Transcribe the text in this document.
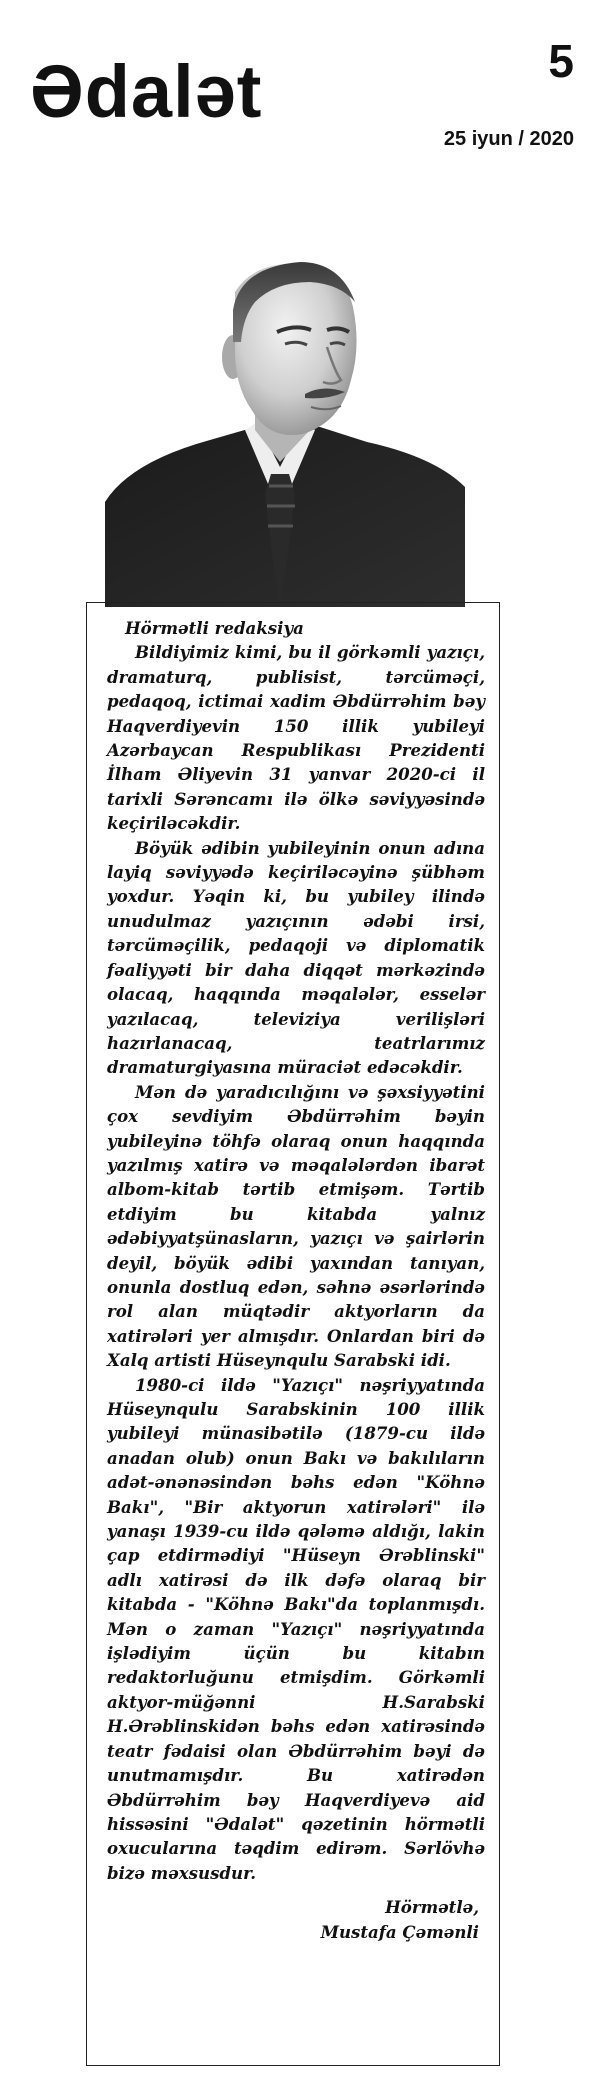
Ədalət	5
25 iyun / 2020

Hörmətli redaksiya

Bildiyimiz kimi, bu il görkəmli yazıçı, dramaturq, publisist, tərcüməçi, pedaqoq, ictimai xadim Əbdürrəhim bəy Haqverdiyevin 150 illik yubileyi Azərbaycan Respublikası Prezidenti İlham Əliyevin 31 yanvar 2020-ci il tarixli Sərəncamı ilə ölkə səviyyəsində keçiriləcəkdir.

Böyük ədibin yubileyinin onun adına layiq səviyyədə keçiriləcəyinə şübhəm yoxdur. Yəqin ki, bu yubiley ilində unudulmaz yazıçının ədəbi irsi, tərcüməçilik, pedaqoji və diplomatik fəaliyyəti bir daha diqqət mərkəzində olacaq, haqqında məqalələr, esselər yazılacaq, televiziya verilişləri hazırlanacaq, teatrlarımız dramaturgiyasına müraciət edəcəkdir.

Mən də yaradıcılığını və şəxsiyyətini çox sevdiyim Əbdürrəhim bəyin yubileyinə töhfə olaraq onun haqqında yazılmış xatirə və məqalələrdən ibarət albom-kitab tərtib etmişəm. Tərtib etdiyim bu kitabda yalnız ədəbiyyatşünasların, yazıçı və şairlərin deyil, böyük ədibi yaxından tanıyan, onunla dostluq edən, səhnə əsərlərində rol alan müqtədir aktyorların da xatirələri yer almışdır. Onlardan biri də Xalq artisti Hüseynqulu Sarabski idi.

1980-ci ildə "Yazıçı" nəşriyyatında Hüseynqulu Sarabskinin 100 illik yubileyi münasibətilə (1879-cu ildə anadan olub) onun Bakı və bakılıların adət-ənənəsindən bəhs edən "Köhnə Bakı", "Bir aktyorun xatirələri" ilə yanaşı 1939-cu ildə qələmə aldığı, lakin çap etdirmədiyi "Hüseyn Ərəblinski" adlı xatirəsi də ilk dəfə olaraq bir kitabda - "Köhnə Bakı"da toplanmışdı. Mən o zaman "Yazıçı" nəşriyyatında işlədiyim üçün bu kitabın redaktorluğunu etmişdim. Görkəmli aktyor-müğənni H.Sarabski H.Ərəblinskidən bəhs edən xatirəsində teatr fədaisi olan Əbdürrəhim bəyi də unutmamışdır. Bu xatirədən Əbdürrəhim bəy Haqverdiyevə aid hissəsini "Ədalət" qəzetinin hörmətli oxucularına təqdim edirəm. Sərlövhə bizə məxsusdur.

Hörmətlə,
Mustafa Çəmənli
